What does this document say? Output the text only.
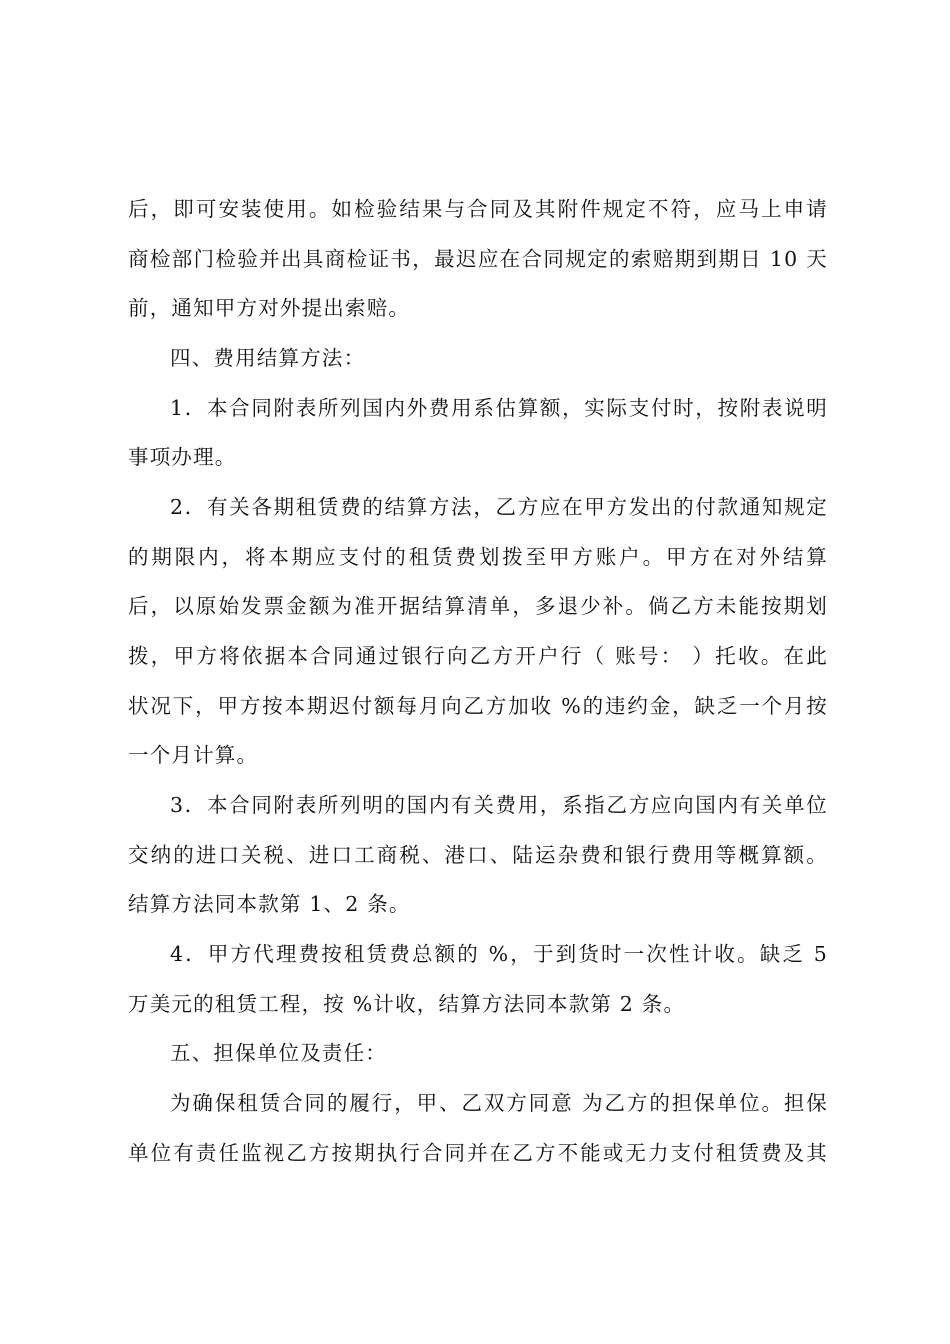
后，即可安装使用。如检验结果与合同及其附件规定不符，应马上申请
商检部门检验并出具商检证书，最迟应在合同规定的索赔期到期日 10 天
前，通知甲方对外提出索赔。
四、费用结算方法：
1．本合同附表所列国内外费用系估算额，实际支付时，按附表说明
事项办理。
2．有关各期租赁费的结算方法，乙方应在甲方发出的付款通知规定
的期限内，将本期应支付的租赁费划拨至甲方账户。甲方在对外结算
后，以原始发票金额为准开据结算清单，多退少补。倘乙方未能按期划
拨，甲方将依据本合同通过银行向乙方开户行（ 账号： ）托收。在此
状况下，甲方按本期迟付额每月向乙方加收 %的违约金，缺乏一个月按
一个月计算。
3．本合同附表所列明的国内有关费用，系指乙方应向国内有关单位
交纳的进口关税、进口工商税、港口、陆运杂费和银行费用等概算额。
结算方法同本款第 1、2 条。
4．甲方代理费按租赁费总额的 %，于到货时一次性计收。缺乏 5
万美元的租赁工程，按 %计收，结算方法同本款第 2 条。
五、担保单位及责任：
为确保租赁合同的履行，甲、乙双方同意 为乙方的担保单位。担保
单位有责任监视乙方按期执行合同并在乙方不能或无力支付租赁费及其
